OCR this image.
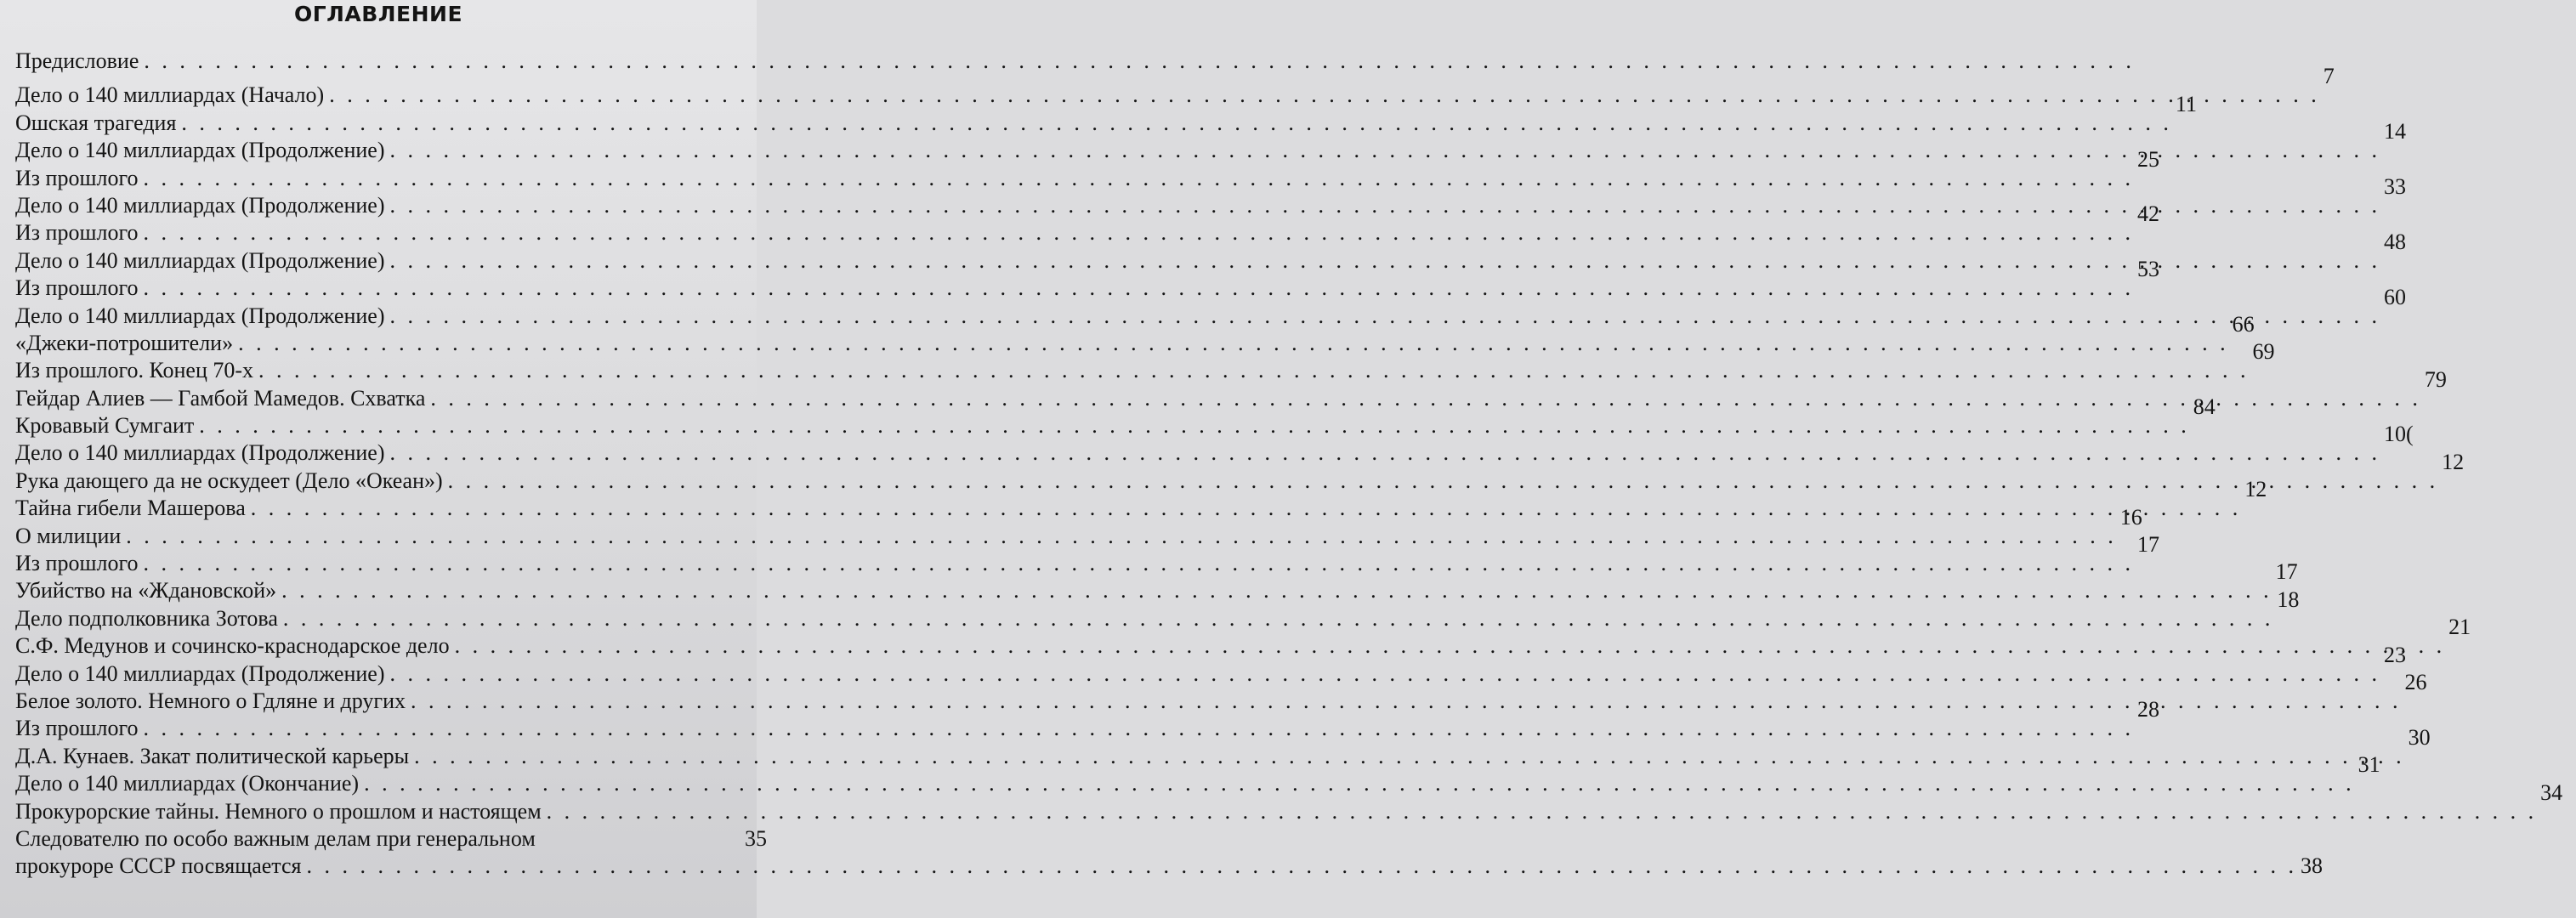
ОГЛАВЛЕНИЕ
Предисловие
. . .
Дело о 140 миллиардах (Начало)
. . .
7
Ошская трагедия
. . .
11
Дело о 140 миллиардах (Продолжение)
. . .
14
Из прошлого
. . .
25
Дело о 140 миллиардах (Продолжение)
. . .
33
Из прошлого
. . .
42
Дело о 140 миллиардах (Продолжение)
. . .
48
Из прошлого
. . .
53
Дело о 140 миллиардах (Продолжение)
. . .
60
«Джеки-потрошители»
. . .
66
Из прошлого. Конец 70-х
. . .
69
Гейдар Алиев — Гамбой Мамедов. Схватка
. . .
79
Кровавый Сумгаит
. . .
84
Дело о 140 миллиардах (Продолжение)
. . .
10(
Рука дающего да не оскудеет (Дело «Океан»)
. . .
12
Тайна гибели Машерова
. . .
12
О милиции
. . .
16
Из прошлого
. . .
17
Убийство на «Ждановской»
. . .
17
Дело подполковника Зотова
. . .
18
С.Ф. Медунов и сочинско-краснодарское дело
. . .
21
Дело о 140 миллиардах (Продолжение)
. . .
23
Белое золото. Немного о Гдляне и других
. . .
26
Из прошлого
. . .
28
Д.А. Кунаев. Закат политической карьеры
. . .
30
Дело о 140 миллиардах (Окончание)
. . .
31
Прокурорские тайны. Немного о прошлом и настоящем
. . .
34
Следователю по особо важным делам при генеральном	35
прокуроре СССР посвящается
. . .	38
